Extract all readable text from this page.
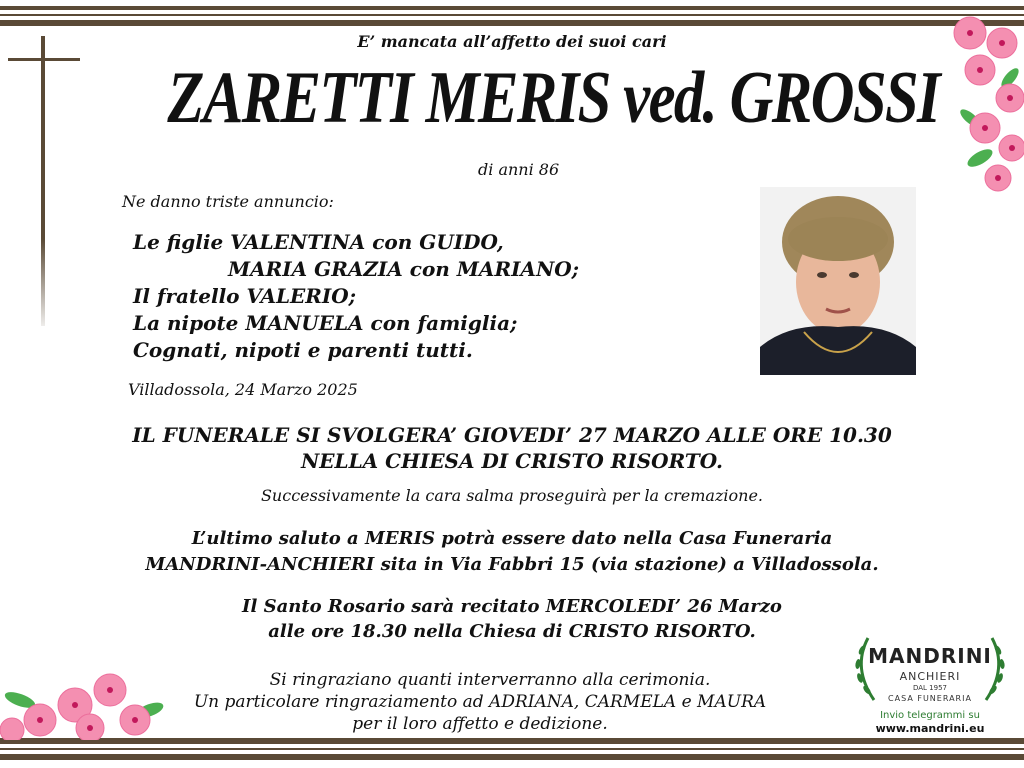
E’ mancata all’affetto dei suoi cari
ZARETTI MERIS ved. GROSSI
di anni 86
Ne danno triste annuncio:
Le figlie VALENTINA con GUIDO,
MARIA GRAZIA con MARIANO;
Il fratello VALERIO;
La nipote MANUELA con famiglia;
Cognati, nipoti e parenti tutti.
Villadossola, 24 Marzo 2025
IL FUNERALE SI SVOLGERA’ GIOVEDI’ 27 MARZO ALLE ORE 10.30
NELLA CHIESA DI CRISTO RISORTO.
Successivamente la cara salma proseguirà per la cremazione.
L’ultimo saluto a MERIS potrà essere dato nella Casa Funeraria
MANDRINI-ANCHIERI sita in Via Fabbri 15 (via stazione) a Villadossola.
Il Santo Rosario sarà recitato MERCOLEDI’ 26 Marzo
alle ore 18.30 nella Chiesa di CRISTO RISORTO.
Si ringraziano quanti interverranno alla cerimonia.
Un particolare ringraziamento ad ADRIANA, CARMELA e MAURA
per il loro affetto e dedizione.
MANDRINI
ANCHIERI
DAL 1957
CASA FUNERARIA
Invio telegrammi su
www.mandrini.eu
